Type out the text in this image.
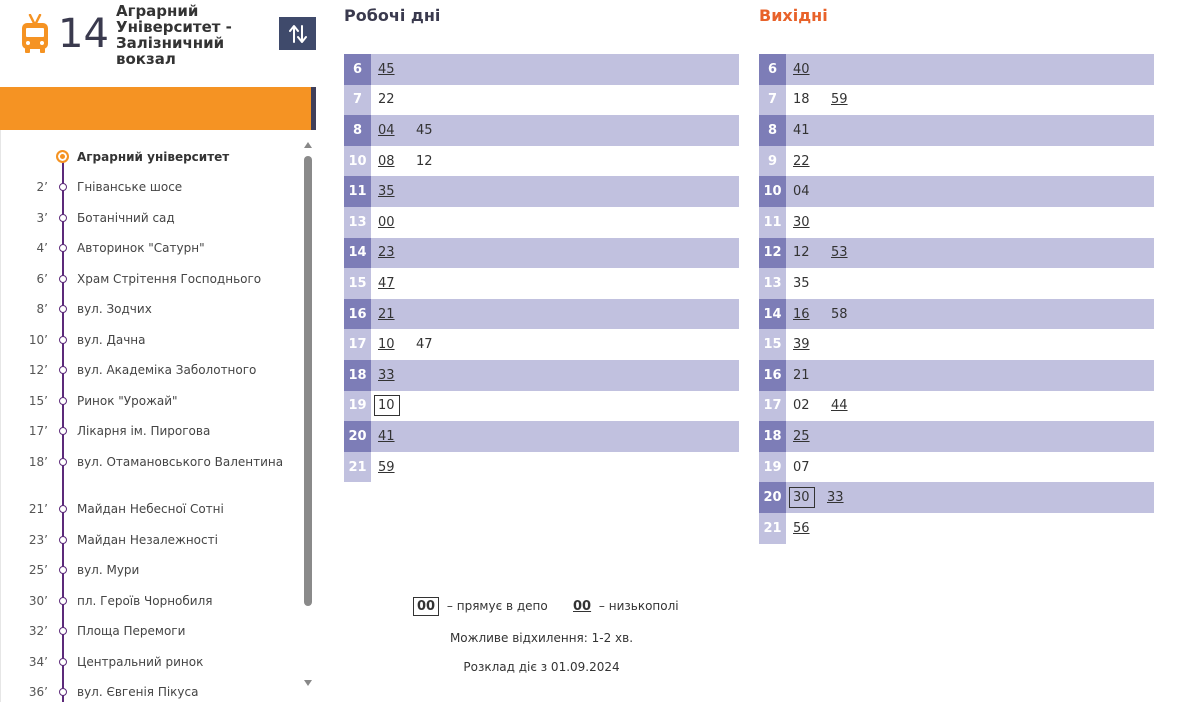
14 Аграрний Університет - Залізничний вокзал
Аграрний університет
2’ Гніванське шосе
3’ Ботанічний сад
4’ Авторинок "Сатурн"
6’ Храм Стрітення Господнього
8’ вул. Зодчих
10’ вул. Дачна
12’ вул. Академіка Заболотного
15’ Ринок "Урожай"
17’ Лікарня ім. Пирогова
18’ вул. Отамановського Валентина
21’ Майдан Небесної Сотні
23’ Майдан Незалежності
25’ вул. Мури
30’ пл. Героїв Чорнобиля
32’ Площа Перемоги
34’ Центральний ринок
36’ вул. Євгенія Пікуса
Робочі дні	Вихідні
6	45
7	22
8	04	45
10 08	12
11 35
13 00
14 23
15 47
16 21
17 10	47
18 33
19 10
20 41
21 59
6	40
7	18	59
8	41
9	22
10 04
11 30
12 12	53
13 35
14 16	58
15 39
16 21
17 02	44
18 25
19 07
20 30	33
21 56
00 – прямує в депо 00 – низькополі
Можливе відхилення: 1-2 хв.
Розклад діє з 01.09.2024
